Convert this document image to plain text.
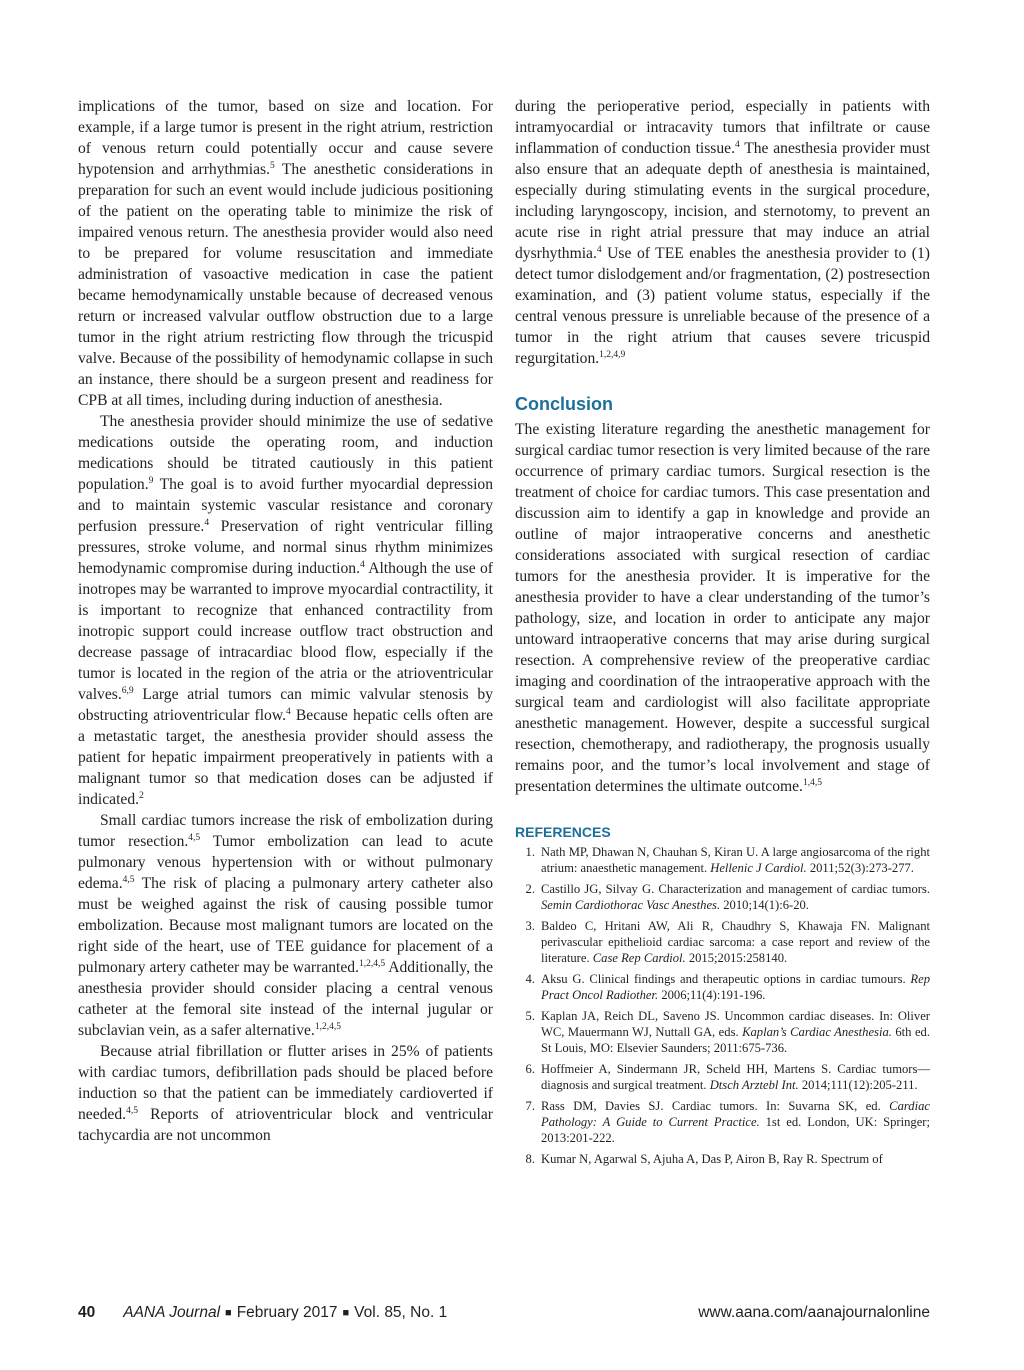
implications of the tumor, based on size and location. For example, if a large tumor is present in the right atrium, restriction of venous return could potentially occur and cause severe hypotension and arrhythmias.$^5$ The anesthetic considerations in preparation for such an event would include judicious positioning of the patient on the operating table to minimize the risk of impaired venous return. The anesthesia provider would also need to be prepared for volume resuscitation and immediate administration of vasoactive medication in case the patient became hemodynamically unstable because of decreased venous return or increased valvular outflow obstruction due to a large tumor in the right atrium restricting flow through the tricuspid valve. Because of the possibility of hemodynamic collapse in such an instance, there should be a surgeon present and readiness for CPB at all times, including during induction of anesthesia.

The anesthesia provider should minimize the use of sedative medications outside the operating room, and induction medications should be titrated cautiously in this patient population.$^9$ The goal is to avoid further myocardial depression and to maintain systemic vascular resistance and coronary perfusion pressure.$^4$ Preservation of right ventricular filling pressures, stroke volume, and normal sinus rhythm minimizes hemodynamic compromise during induction.$^4$ Although the use of inotropes may be warranted to improve myocardial contractility, it is important to recognize that enhanced contractility from inotropic support could increase outflow tract obstruction and decrease passage of intracardiac blood flow, especially if the tumor is located in the region of the atria or the atrioventricular valves.$^{6,9}$ Large atrial tumors can mimic valvular stenosis by obstructing atrioventricular flow.$^4$ Because hepatic cells often are a metastatic target, the anesthesia provider should assess the patient for hepatic impairment preoperatively in patients with a malignant tumor so that medication doses can be adjusted if indicated.$^2$

Small cardiac tumors increase the risk of embolization during tumor resection.$^{4,5}$ Tumor embolization can lead to acute pulmonary venous hypertension with or without pulmonary edema.$^{4,5}$ The risk of placing a pulmonary artery catheter also must be weighed against the risk of causing possible tumor embolization. Because most malignant tumors are located on the right side of the heart, use of TEE guidance for placement of a pulmonary artery catheter may be warranted.$^{1,2,4,5}$ Additionally, the anesthesia provider should consider placing a central venous catheter at the femoral site instead of the internal jugular or subclavian vein, as a safer alternative.$^{1,2,4,5}$

Because atrial fibrillation or flutter arises in 25% of patients with cardiac tumors, defibrillation pads should be placed before induction so that the patient can be immediately cardioverted if needed.$^{4,5}$ Reports of atrioventricular block and ventricular tachycardia are not uncommon

during the perioperative period, especially in patients with intramyocardial or intracavity tumors that infiltrate or cause inflammation of conduction tissue.$^4$ The anesthesia provider must also ensure that an adequate depth of anesthesia is maintained, especially during stimulating events in the surgical procedure, including laryngoscopy, incision, and sternotomy, to prevent an acute rise in right atrial pressure that may induce an atrial dysrhythmia.$^4$ Use of TEE enables the anesthesia provider to (1) detect tumor dislodgement and/or fragmentation, (2) postresection examination, and (3) patient volume status, especially if the central venous pressure is unreliable because of the presence of a tumor in the right atrium that causes severe tricuspid regurgitation.$^{1,2,4,9}$

Conclusion

The existing literature regarding the anesthetic management for surgical cardiac tumor resection is very limited because of the rare occurrence of primary cardiac tumors. Surgical resection is the treatment of choice for cardiac tumors. This case presentation and discussion aim to identify a gap in knowledge and provide an outline of major intraoperative concerns and anesthetic considerations associated with surgical resection of cardiac tumors for the anesthesia provider. It is imperative for the anesthesia provider to have a clear understanding of the tumor’s pathology, size, and location in order to anticipate any major untoward intraoperative concerns that may arise during surgical resection. A comprehensive review of the preoperative cardiac imaging and coordination of the intraoperative approach with the surgical team and cardiologist will also facilitate appropriate anesthetic management. However, despite a successful surgical resection, chemotherapy, and radiotherapy, the prognosis usually remains poor, and the tumor’s local involvement and stage of presentation determines the ultimate outcome.$^{1,4,5}$

REFERENCES
1. Nath MP, Dhawan N, Chauhan S, Kiran U. A large angiosarcoma of the right atrium: anaesthetic management. Hellenic J Cardiol. 2011;52(3):273-277.
2. Castillo JG, Silvay G. Characterization and management of cardiac tumors. Semin Cardiothorac Vasc Anesthes. 2010;14(1):6-20.
3. Baldeo C, Hritani AW, Ali R, Chaudhry S, Khawaja FN. Malignant perivascular epithelioid cardiac sarcoma: a case report and review of the literature. Case Rep Cardiol. 2015;2015:258140.
4. Aksu G. Clinical findings and therapeutic options in cardiac tumours. Rep Pract Oncol Radiother. 2006;11(4):191-196.
5. Kaplan JA, Reich DL, Saveno JS. Uncommon cardiac diseases. In: Oliver WC, Mauermann WJ, Nuttall GA, eds. Kaplan’s Cardiac Anesthesia. 6th ed. St Louis, MO: Elsevier Saunders; 2011:675-736.
6. Hoffmeier A, Sindermann JR, Scheld HH, Martens S. Cardiac tumors—diagnosis and surgical treatment. Dtsch Arztebl Int. 2014;111(12):205-211.
7. Rass DM, Davies SJ. Cardiac tumors. In: Suvarna SK, ed. Cardiac Pathology: A Guide to Current Practice. 1st ed. London, UK: Springer; 2013:201-222.
8. Kumar N, Agarwal S, Ajuha A, Das P, Airon B, Ray R. Spectrum of
40 AANA Journal ■ February 2017 ■ Vol. 85, No. 1	www.aana.com/aanajournalonline
